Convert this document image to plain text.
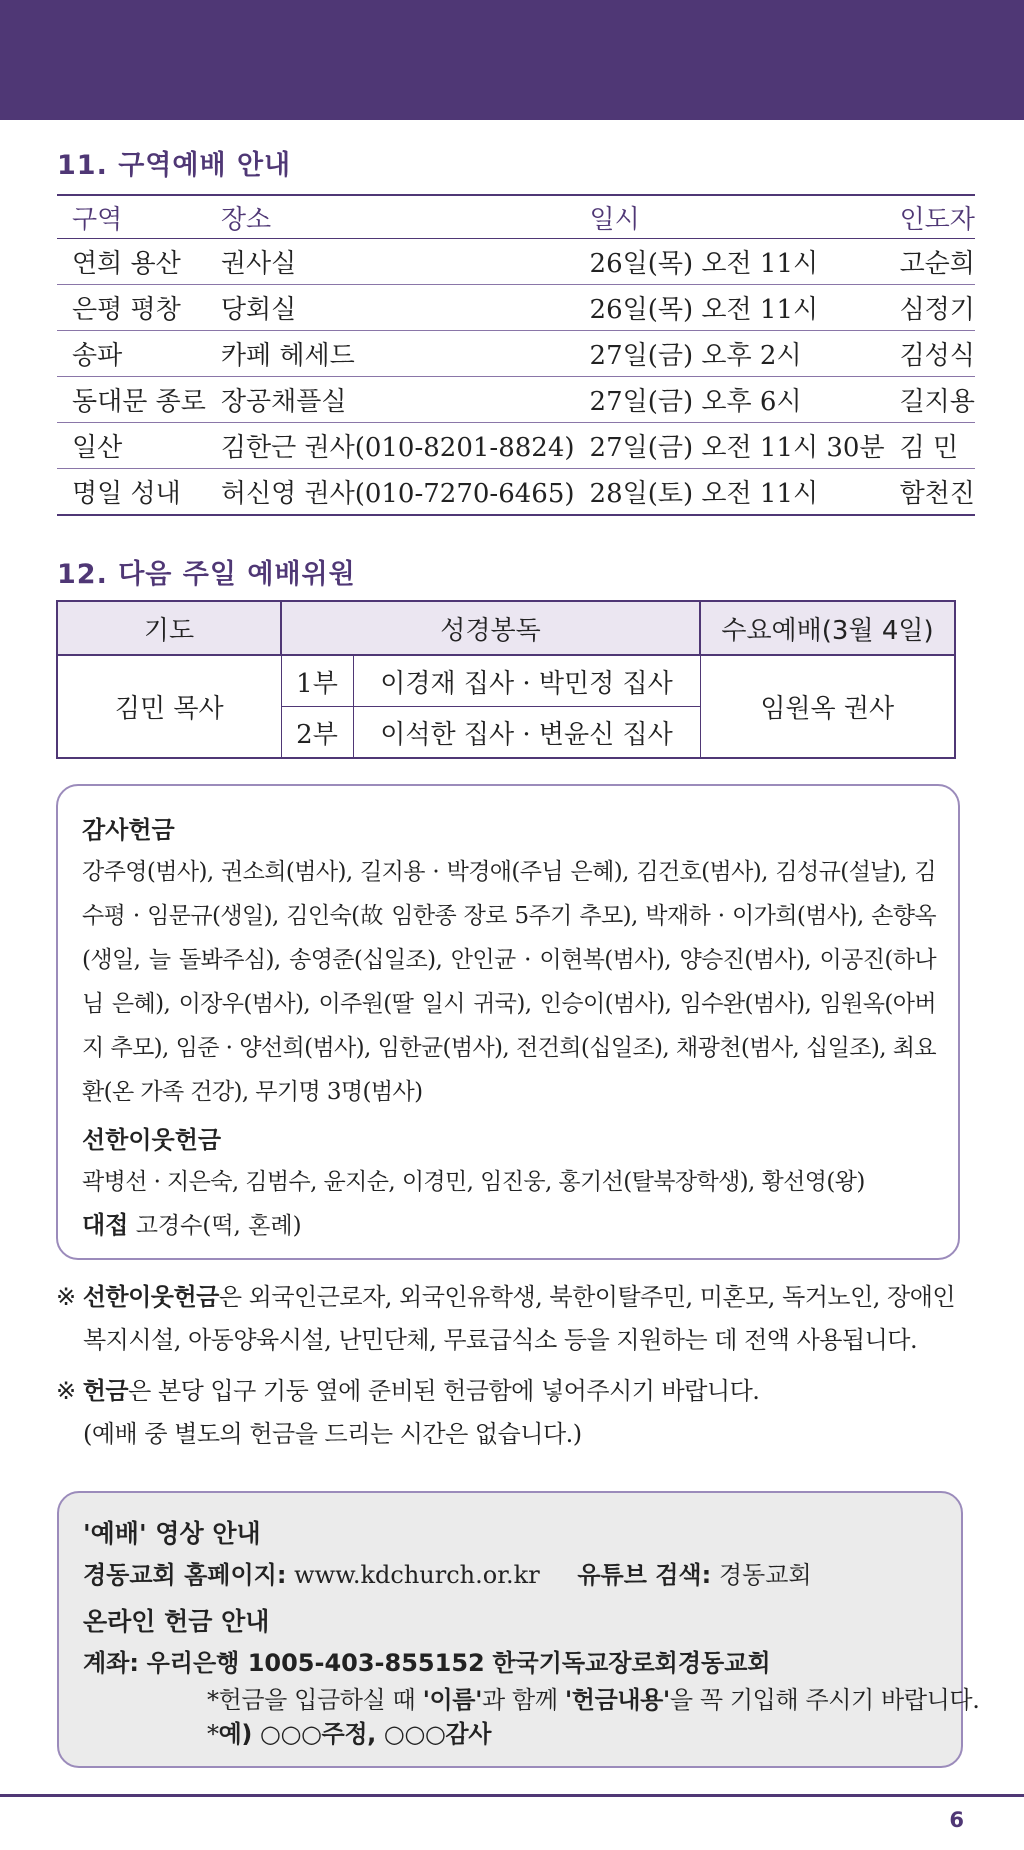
11. 구역예배 안내
구역	장소	일시	인도자
연희 용산	권사실	26일(목) 오전 11시	고순희
은평 평창	당회실	26일(목) 오전 11시	심정기
송파	카페 헤세드	27일(금) 오후 2시	김성식
동대문 종로	장공채플실	27일(금) 오후 6시	길지용
일산	김한근 권사(010-8201-8824)	27일(금) 오전 11시 30분	김 민
명일 성내	허신영 권사(010-7270-6465)	28일(토) 오전 11시	함천진
12. 다음 주일 예배위원
기도	성경봉독		수요예배(3월 4일)
김민 목사	1부	이경재 집사 · 박민정 집사	임원옥 권사
	2부	이석한 집사 · 변윤신 집사	
감사헌금
강주영(범사), 권소희(범사), 길지용 · 박경애(주님 은혜), 김건호(범사), 김성규(설날), 김수평 · 임문규(생일), 김인숙(故 임한종 장로 5주기 추모), 박재하 · 이가희(범사), 손향옥(생일, 늘 돌봐주심), 송영준(십일조), 안인균 · 이현복(범사), 양승진(범사), 이공진(하나님 은혜), 이장우(범사), 이주원(딸 일시 귀국), 인승이(범사), 임수완(범사), 임원옥(아버지 추모), 임준 · 양선희(범사), 임한균(범사), 전건희(십일조), 채광천(범사, 십일조), 최요환(온 가족 건강), 무기명 3명(범사)
선한이웃헌금
곽병선 · 지은숙, 김범수, 윤지순, 이경민, 임진웅, 홍기선(탈북장학생), 황선영(왕)
대접 고경수(떡, 혼례)
※ 선한이웃헌금은 외국인근로자, 외국인유학생, 북한이탈주민, 미혼모, 독거노인, 장애인 복지시설, 아동양육시설, 난민단체, 무료급식소 등을 지원하는 데 전액 사용됩니다.
※ 헌금은 본당 입구 기둥 옆에 준비된 헌금함에 넣어주시기 바랍니다.
(예배 중 별도의 헌금을 드리는 시간은 없습니다.)
'예배' 영상 안내
경동교회 홈페이지: www.kdchurch.or.kr 유튜브 검색: 경동교회
온라인 헌금 안내
계좌: 우리은행 1005-403-855152 한국기독교장로회경동교회
*헌금을 입금하실 때 '이름'과 함께 '헌금내용'을 꼭 기입해 주시기 바랍니다.
*예) ○○○주정, ○○○감사
6
